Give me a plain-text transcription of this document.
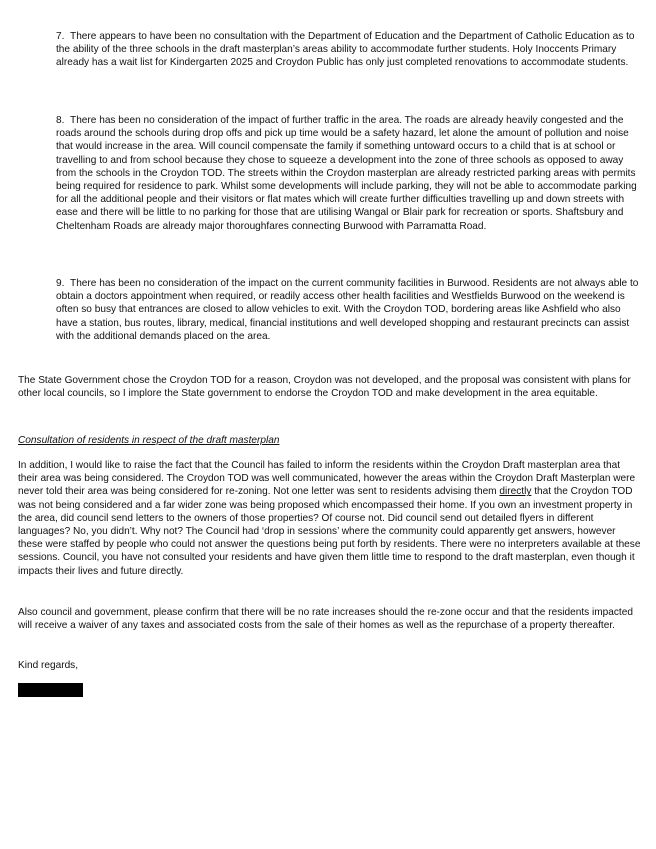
7. There appears to have been no consultation with the Department of Education and the Department of Catholic Education as to the ability of the three schools in the draft masterplan’s areas ability to accommodate further students. Holy Inoccents Primary already has a wait list for Kindergarten 2025 and Croydon Public has only just completed renovations to accommodate students.

8. There has been no consideration of the impact of further traffic in the area. The roads are already heavily congested and the roads around the schools during drop offs and pick up time would be a safety hazard, let alone the amount of pollution and noise that would increase in the area. Will council compensate the family if something untoward occurs to a child that is at school or travelling to and from school because they chose to squeeze a development into the zone of three schools as opposed to away from the schools in the Croydon TOD. The streets within the Croydon masterplan are already restricted parking areas with permits being required for residence to park. Whilst some developments will include parking, they will not be able to accommodate parking for all the additional people and their visitors or flat mates which will create further difficulties travelling up and down streets with ease and there will be little to no parking for those that are utilising Wangal or Blair park for recreation or sports. Shaftsbury and Cheltenham Roads are already major thoroughfares connecting Burwood with Parramatta Road.

9. There has been no consideration of the impact on the current community facilities in Burwood. Residents are not always able to obtain a doctors appointment when required, or readily access other health facilities and Westfields Burwood on the weekend is often so busy that entrances are closed to allow vehicles to exit. With the Croydon TOD, bordering areas like Ashfield who also have a station, bus routes, library, medical, financial institutions and well developed shopping and restaurant precincts can assist with the additional demands placed on the area.

The State Government chose the Croydon TOD for a reason, Croydon was not developed, and the proposal was consistent with plans for other local councils, so I implore the State government to endorse the Croydon TOD and make development in the area equitable.

Consultation of residents in respect of the draft masterplan

In addition, I would like to raise the fact that the Council has failed to inform the residents within the Croydon Draft masterplan area that their area was being considered. The Croydon TOD was well communicated, however the areas within the Croydon Draft Masterplan were never told their area was being considered for re-zoning. Not one letter was sent to residents advising them directly that the Croydon TOD was not being considered and a far wider zone was being proposed which encompassed their home. If you own an investment property in the area, did council send letters to the owners of those properties? Of course not. Did council send out detailed flyers in different languages? No, you didn’t. Why not? The Council had ‘drop in sessions’ where the community could apparently get answers, however these were staffed by people who could not answer the questions being put forth by residents. There were no interpreters available at these sessions. Council, you have not consulted your residents and have given them little time to respond to the draft masterplan, even though it impacts their lives and future directly.

Also council and government, please confirm that there will be no rate increases should the re-zone occur and that the residents impacted will receive a waiver of any taxes and associated costs from the sale of their homes as well as the repurchase of a property thereafter.

Kind regards,
